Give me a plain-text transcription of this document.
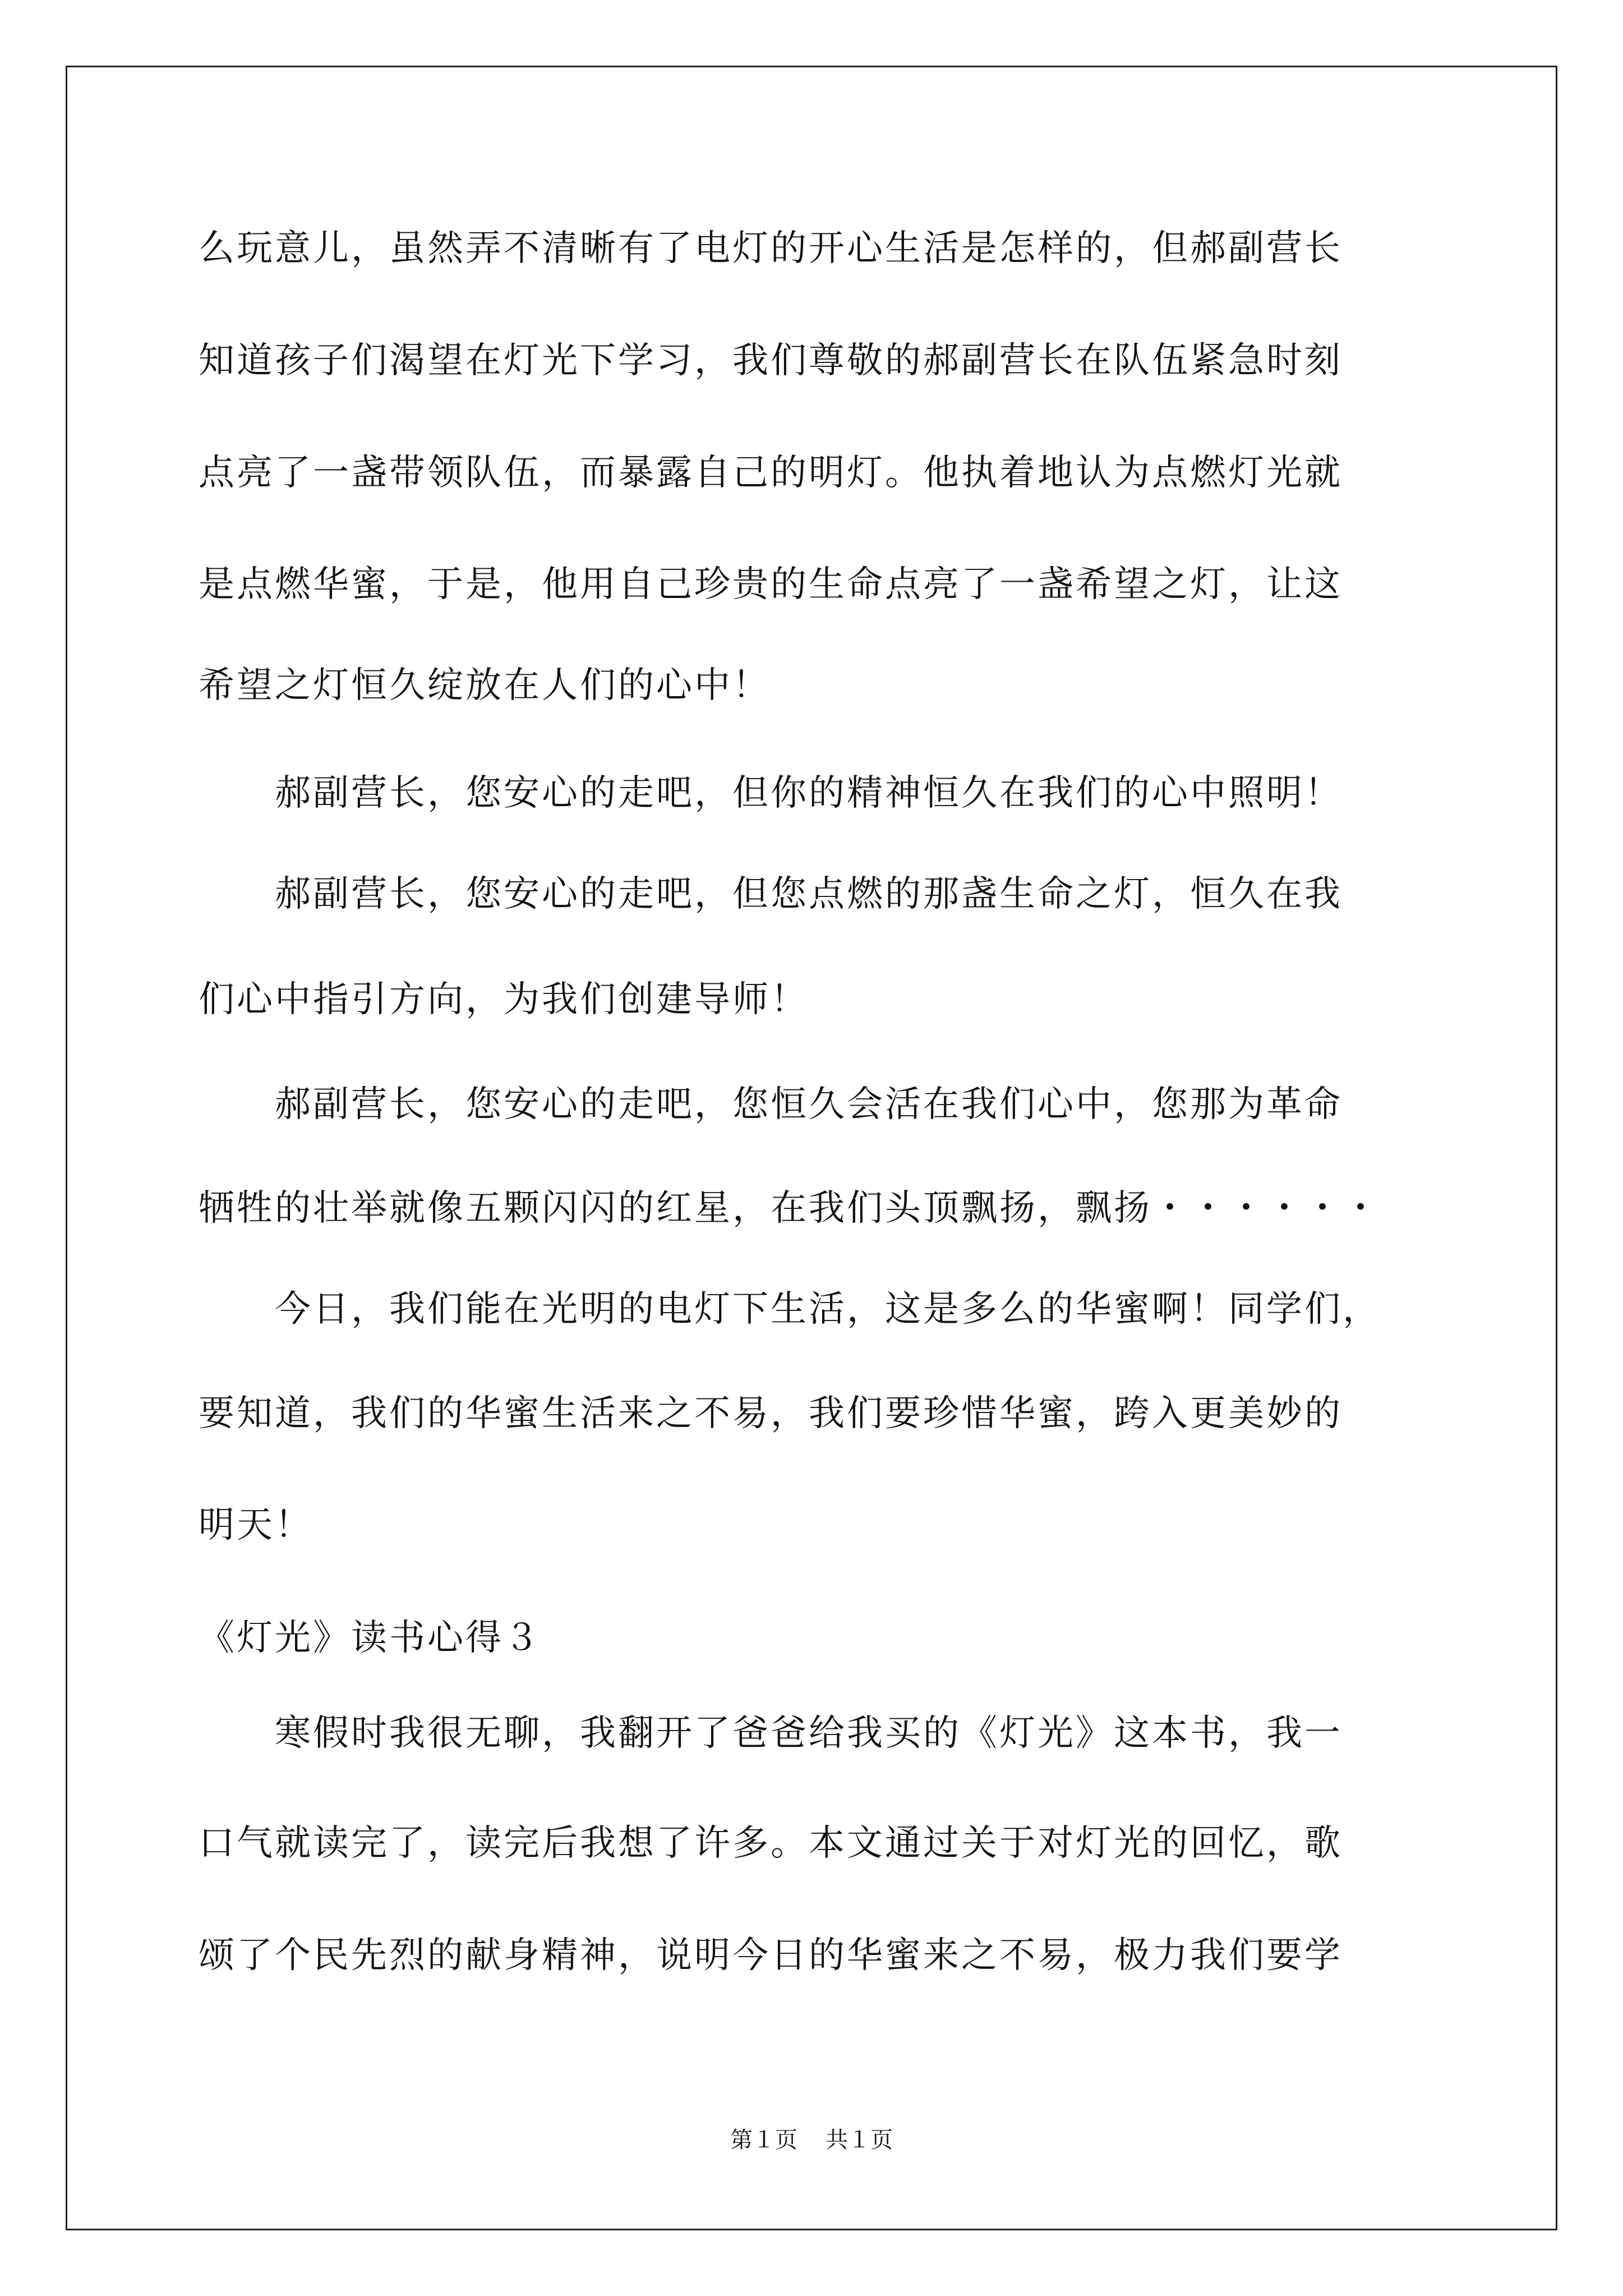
么玩意儿，虽然弄不清晰有了电灯的开心生活是怎样的，但郝副营长
知道孩子们渴望在灯光下学习，我们尊敬的郝副营长在队伍紧急时刻
点亮了一盏带领队伍，而暴露自己的明灯。他执着地认为点燃灯光就
是点燃华蜜，于是，他用自己珍贵的生命点亮了一盏希望之灯，让这
希望之灯恒久绽放在人们的心中！
　　郝副营长，您安心的走吧，但你的精神恒久在我们的心中照明！
　　郝副营长，您安心的走吧，但您点燃的那盏生命之灯，恒久在我
们心中指引方向，为我们创建导师！
　　郝副营长，您安心的走吧，您恒久会活在我们心中，您那为革命
牺牲的壮举就像五颗闪闪的红星，在我们头顶飘扬，飘扬・・・・・・
　　今日，我们能在光明的电灯下生活，这是多么的华蜜啊！同学们，
要知道，我们的华蜜生活来之不易，我们要珍惜华蜜，跨入更美妙的
明天！
《灯光》读书心得３
　　寒假时我很无聊，我翻开了爸爸给我买的《灯光》这本书，我一
口气就读完了，读完后我想了许多。本文通过关于对灯光的回忆，歌
颂了个民先烈的献身精神，说明今日的华蜜来之不易，极力我们要学
第１页 共１页
